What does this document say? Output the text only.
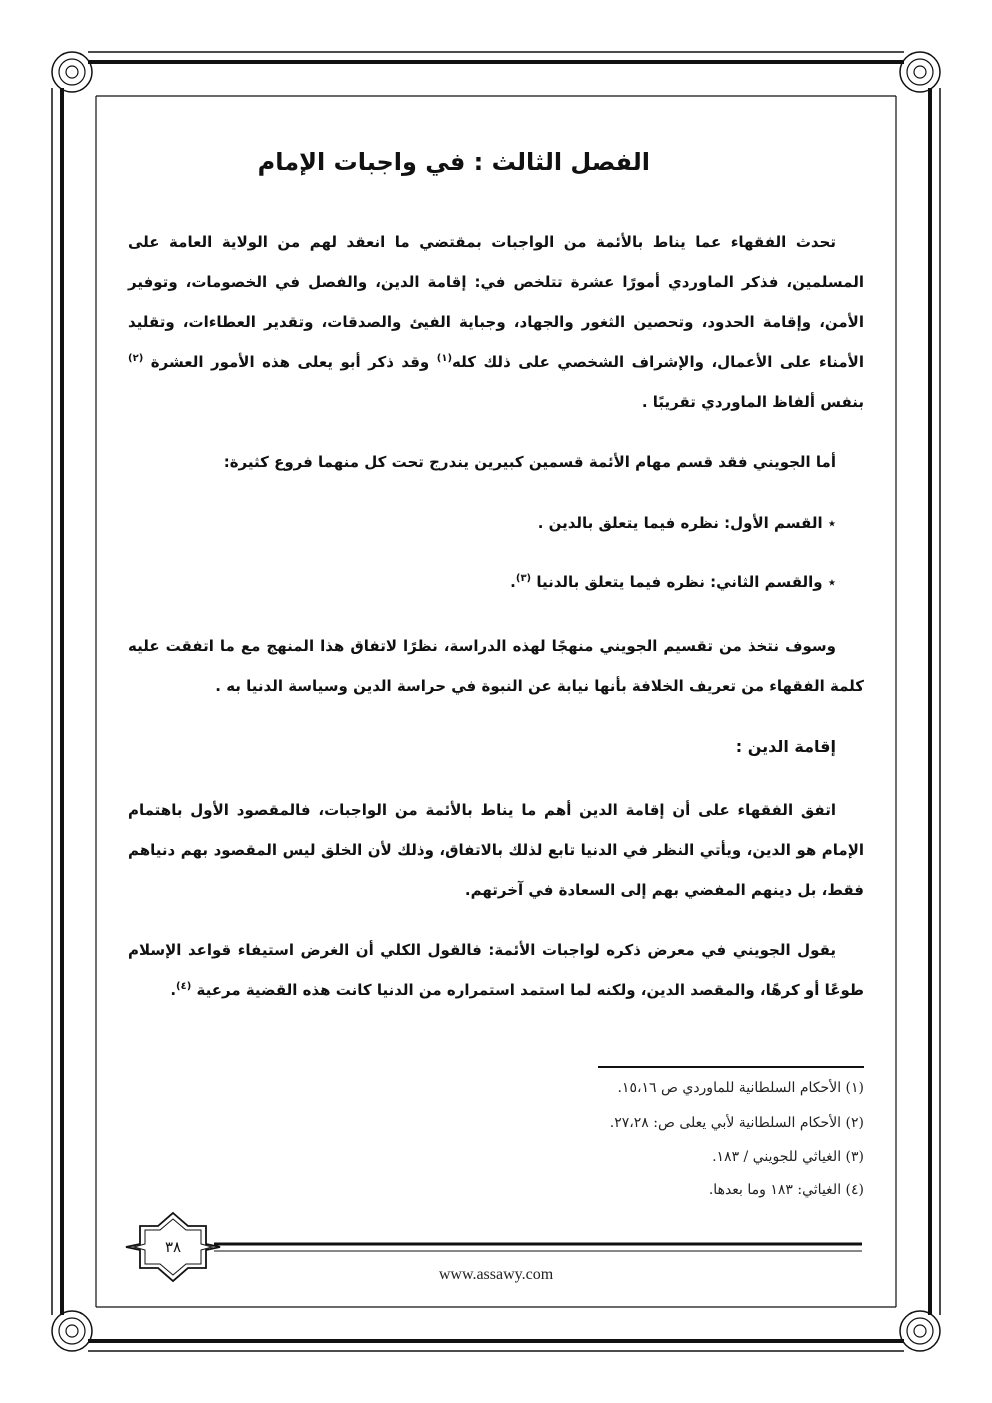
٣٨
الفصل الثالث : في واجبات الإمام

تحدث الفقهاء عما يناط بالأئمة من الواجبات بمقتضي ما انعقد لهم من الولاية العامة على المسلمين، فذكر الماوردي أمورًا عشرة تتلخص في: إقامة الدين، والفصل في الخصومات، وتوفير الأمن، وإقامة الحدود، وتحصين الثغور والجهاد، وجباية الفيئ والصدقات، وتقدير العطاءات، وتقليد الأمناء على الأعمال، والإشراف الشخصي على ذلك كله$^{(١)}$ وقد ذكر أبو يعلى هذه الأمور العشرة $^{(٢)}$ بنفس ألفاظ الماوردي تقريبًا .

أما الجويني فقد قسم مهام الأئمة قسمين كبيرين يندرج تحت كل منهما فروع كثيرة:

٭ القسم الأول: نظره فيما يتعلق بالدين .

٭ والقسم الثاني: نظره فيما يتعلق بالدنيا $^{(٣)}$.

وسوف نتخذ من تقسيم الجويني منهجًا لهذه الدراسة، نظرًا لاتفاق هذا المنهج مع ما اتفقت عليه كلمة الفقهاء من تعريف الخلافة بأنها نيابة عن النبوة في حراسة الدين وسياسة الدنيا به .

إقامة الدين :

اتفق الفقهاء على أن إقامة الدين أهم ما يناط بالأئمة من الواجبات، فالمقصود الأول باهتمام الإمام هو الدين، ويأتي النظر في الدنيا تابع لذلك بالاتفاق، وذلك لأن الخلق ليس المقصود بهم دنياهم فقط، بل دينهم المفضي بهم إلى السعادة في آخرتهم.

يقول الجويني في معرض ذكره لواجبات الأئمة: فالقول الكلي أن الغرض استيفاء قواعد الإسلام طوعًا أو كرهًا، والمقصد الدين، ولكنه لما استمد استمراره من الدنيا كانت هذه القضية مرعية $^{(٤)}$.

(١) الأحكام السلطانية للماوردي ص ١٥،١٦.

(٢) الأحكام السلطانية لأبي يعلى ص: ٢٧،٢٨.

(٣) الغياثي للجويني / ١٨٣.

(٤) الغياثي: ١٨٣ وما بعدها.

www.assawy.com
